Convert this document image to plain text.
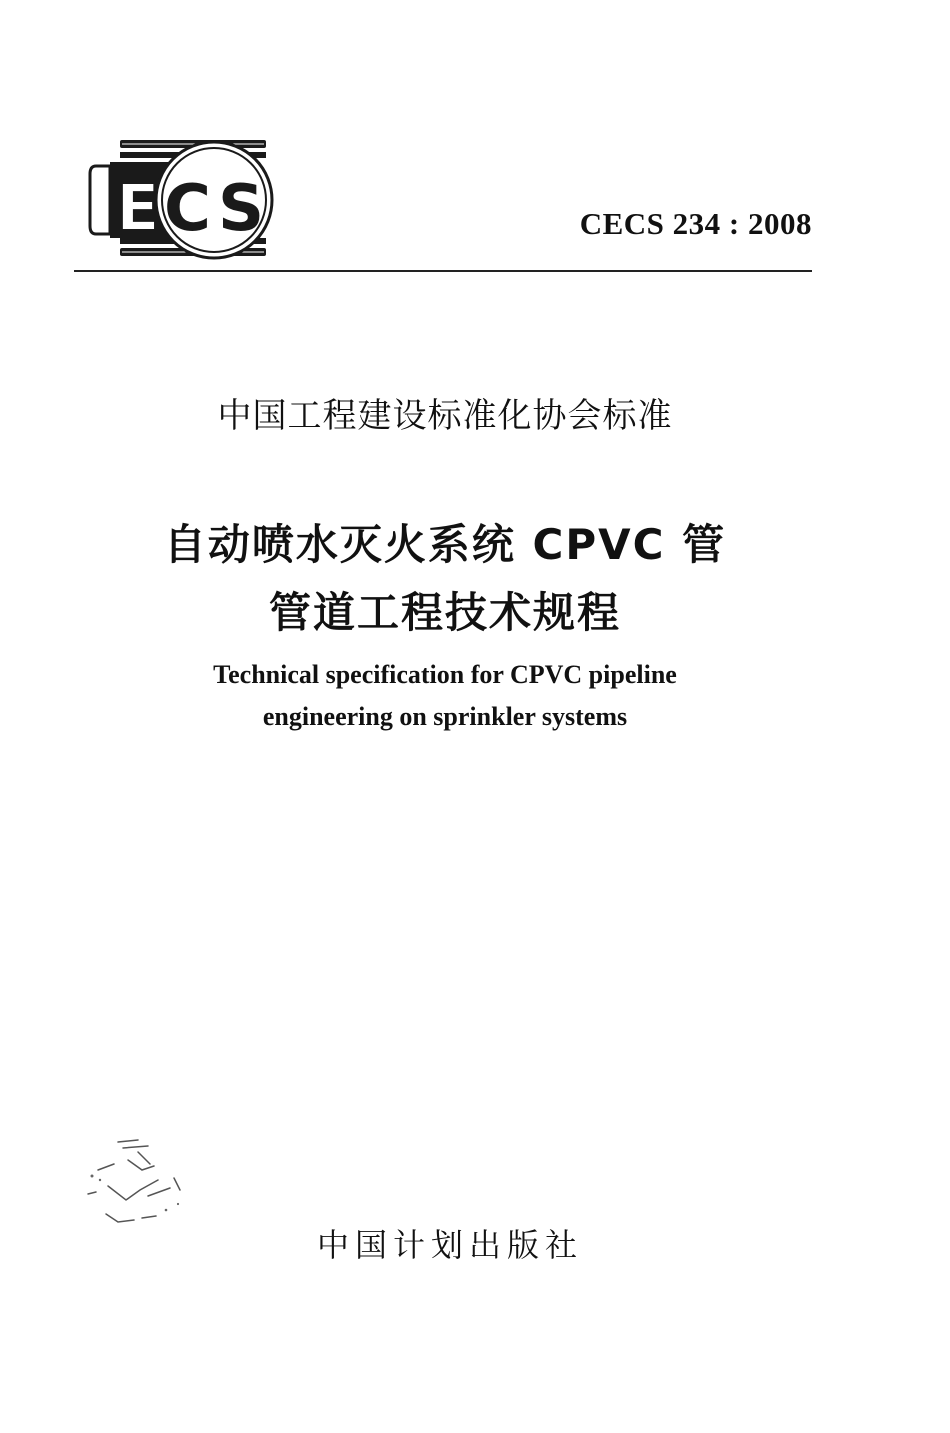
E C S	CECS 234 : 2008
中国工程建设标准化协会标准
自动喷水灭火系统 CPVC 管
管道工程技术规程
Technical specification for CPVC pipeline
engineering on sprinkler systems
中国计划出版社
